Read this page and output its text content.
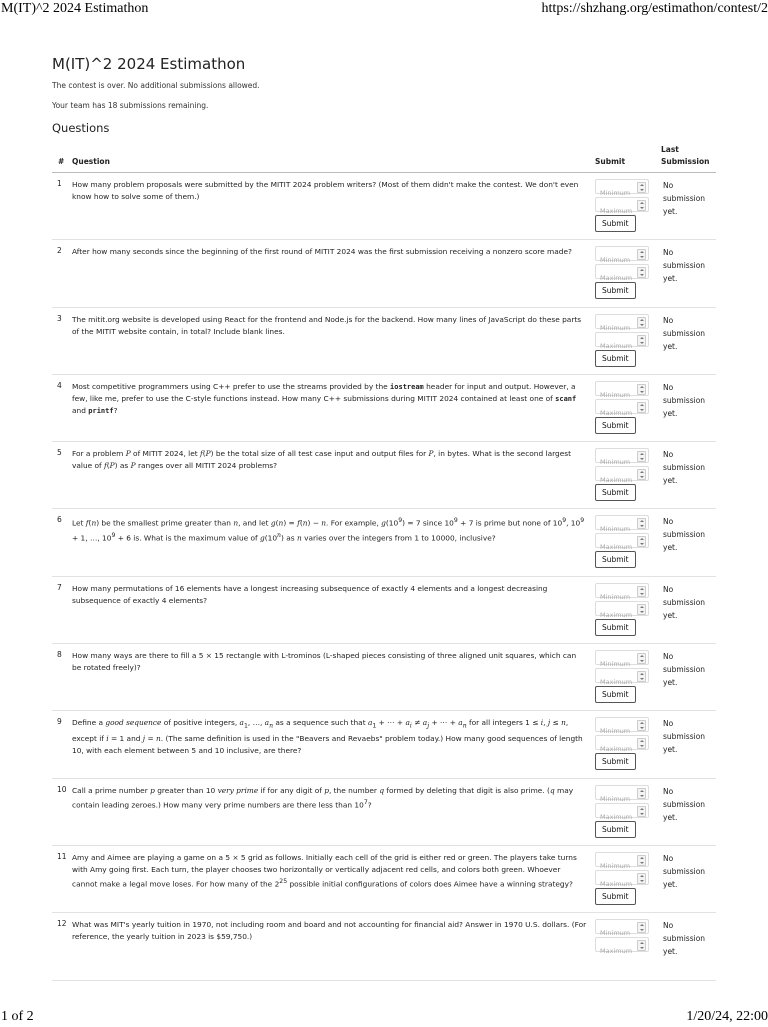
M(IT)^2 2024 Estimathon	https://shzhang.org/estimathon/contest/2
M(IT)^2 2024 Estimathon

The contest is over. No additional submissions allowed.

Your team has 18 submissions remaining.

Questions
#	Question	Submit	Last Submission
1	How many problem proposals were submitted by the MITIT 2024 problem writers? (Most of them didn't make the contest. We don't even know how to solve some of them.)	
Minimum
Maximum
Submit	No submission yet.
2	After how many seconds since the beginning of the first round of MITIT 2024 was the first submission receiving a nonzero score made?	
Minimum
Maximum
Submit	No submission yet.
3	The mitit.org website is developed using React for the frontend and Node.js for the backend. How many lines of JavaScript do these parts of the MITIT website contain, in total? Include blank lines.	
Minimum
Maximum
Submit	No submission yet.
4	Most competitive programmers using C++ prefer to use the streams provided by the iostream header for input and output. However, a few, like me, prefer to use the C-style functions instead. How many C++ submissions during MITIT 2024 contained at least one of scanf and printf?	
Minimum
Maximum
Submit	No submission yet.
5	For a problem P of MITIT 2024, let f(P) be the total size of all test case input and output files for P, in bytes. What is the second largest value of f(P) as P ranges over all MITIT 2024 problems?	
Minimum
Maximum
Submit	No submission yet.
6	Let f(n) be the smallest prime greater than n, and let g(n) = f(n) − n. For example, $g(10^9) = 7$ since $10^9 + 7$ is prime but none of $10^9$, $10^9 + 1$, …, $10^9 + 6$ is. What is the maximum value of g(10$^n$) as n varies over the integers from 1 to 10000, inclusive?	
Minimum
Maximum
Submit	No submission yet.
7	How many permutations of 16 elements have a longest increasing subsequence of exactly 4 elements and a longest decreasing subsequence of exactly 4 elements?	
Minimum
Maximum
Submit	No submission yet.
8	How many ways are there to fill a 5 × 15 rectangle with L-trominos (L-shaped pieces consisting of three aligned unit squares, which can be rotated freely)?	
Minimum
Maximum
Submit	No submission yet.
9	Define a good sequence of positive integers, $a_1$, …, $a_n$ as a sequence such that $a_1$ + ⋯ + $a_i \ne a_j$ + ⋯ + $a_n$ for all integers 1 ≤ i, j ≤ n, except if i = 1 and j = n. (The same definition is used in the "Beavers and Revaebs" problem today.) How many good sequences of length 10, with each element between 5 and 10 inclusive, are there?	
Minimum
Maximum
Submit	No submission yet.
10	Call a prime number p greater than 10 very prime if for any digit of p, the number q formed by deleting that digit is also prime. (q may contain leading zeroes.) How many very prime numbers are there less than $10^7$?	
Minimum
Maximum
Submit	No submission yet.
11	Amy and Aimee are playing a game on a 5 × 5 grid as follows. Initially each cell of the grid is either red or green. The players take turns with Amy going first. Each turn, the player chooses two horizontally or vertically adjacent red cells, and colors both green. Whoever cannot make a legal move loses. For how many of the $2^{25}$ possible initial configurations of colors does Aimee have a winning strategy?	
Minimum
Maximum
Submit	No submission yet.
12	What was MIT's yearly tuition in 1970, not including room and board and not accounting for financial aid? Answer in 1970 U.S. dollars. (For reference, the yearly tuition in 2023 is $59,750.)	
Minimum
Maximum	No submission yet.
1 of 2	1/20/24, 22:00
